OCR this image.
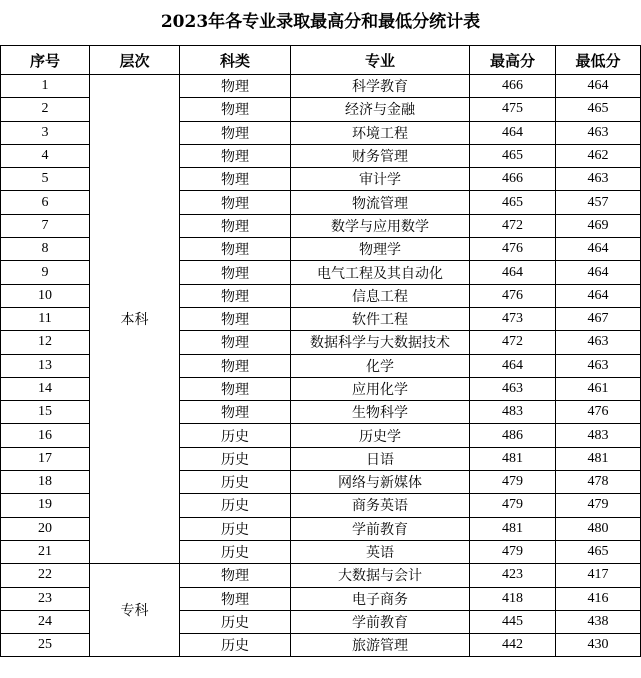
2023年各专业录取最高分和最低分统计表
序号	层次	科类	专业	最高分	最低分
1	本科	物理	科学教育	466	464
2		物理	经济与金融	475	465
3		物理	环境工程	464	463
4		物理	财务管理	465	462
5		物理	审计学	466	463
6		物理	物流管理	465	457
7		物理	数学与应用数学	472	469
8		物理	物理学	476	464
9		物理	电气工程及其自动化	464	464
10		物理	信息工程	476	464
11		物理	软件工程	473	467
12		物理	数据科学与大数据技术	472	463
13		物理	化学	464	463
14		物理	应用化学	463	461
15		物理	生物科学	483	476
16		历史	历史学	486	483
17		历史	日语	481	481
18		历史	网络与新媒体	479	478
19		历史	商务英语	479	479
20		历史	学前教育	481	480
21		历史	英语	479	465
22	专科	物理	大数据与会计	423	417
23		物理	电子商务	418	416
24		历史	学前教育	445	438
25		历史	旅游管理	442	430
